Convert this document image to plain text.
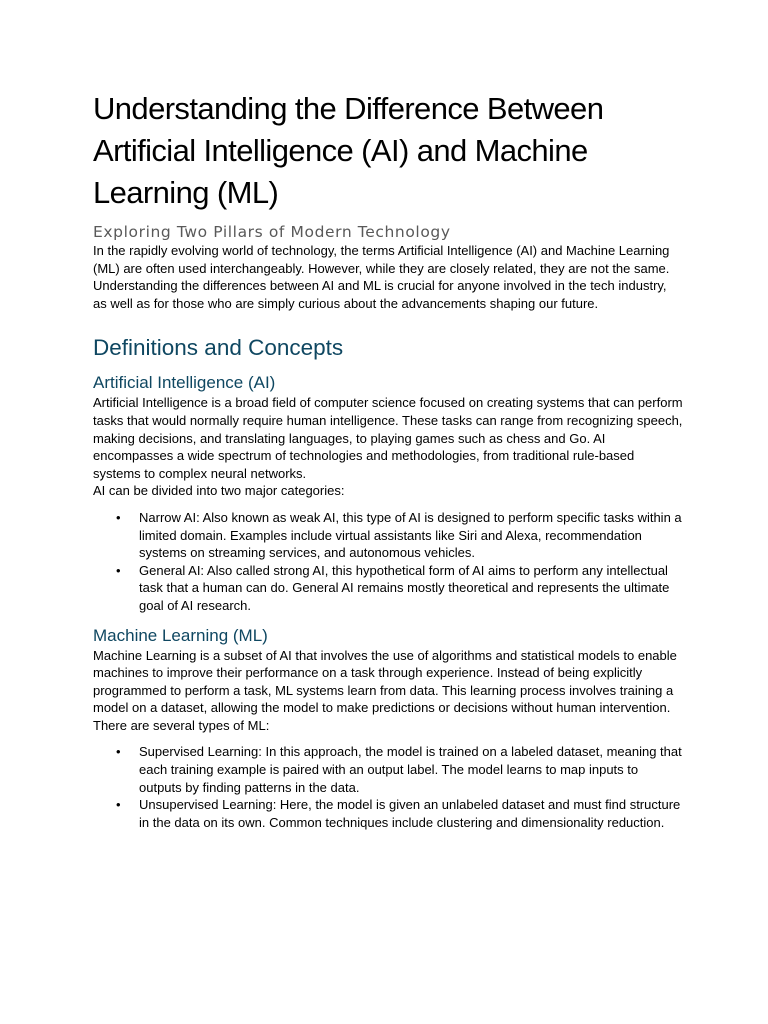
Understanding the Difference Between Artificial Intelligence (AI) and Machine Learning (ML)
Exploring Two Pillars of Modern Technology

In the rapidly evolving world of technology, the terms Artificial Intelligence (AI) and Machine Learning (ML) are often used interchangeably. However, while they are closely related, they are not the same. Understanding the differences between AI and ML is crucial for anyone involved in the tech industry, as well as for those who are simply curious about the advancements shaping our future.

Definitions and Concepts
Artificial Intelligence (AI)

Artificial Intelligence is a broad field of computer science focused on creating systems that can perform tasks that would normally require human intelligence. These tasks can range from recognizing speech, making decisions, and translating languages, to playing games such as chess and Go. AI encompasses a wide spectrum of technologies and methodologies, from traditional rule-based systems to complex neural networks.

AI can be divided into two major categories:

• Narrow AI: Also known as weak AI, this type of AI is designed to perform specific tasks within a limited domain. Examples include virtual assistants like Siri and Alexa, recommendation systems on streaming services, and autonomous vehicles.
• General AI: Also called strong AI, this hypothetical form of AI aims to perform any intellectual task that a human can do. General AI remains mostly theoretical and represents the ultimate goal of AI research.
Machine Learning (ML)

Machine Learning is a subset of AI that involves the use of algorithms and statistical models to enable machines to improve their performance on a task through experience. Instead of being explicitly programmed to perform a task, ML systems learn from data. This learning process involves training a model on a dataset, allowing the model to make predictions or decisions without human intervention.

There are several types of ML:

• Supervised Learning: In this approach, the model is trained on a labeled dataset, meaning that each training example is paired with an output label. The model learns to map inputs to outputs by finding patterns in the data.
• Unsupervised Learning: Here, the model is given an unlabeled dataset and must find structure in the data on its own. Common techniques include clustering and dimensionality reduction.
